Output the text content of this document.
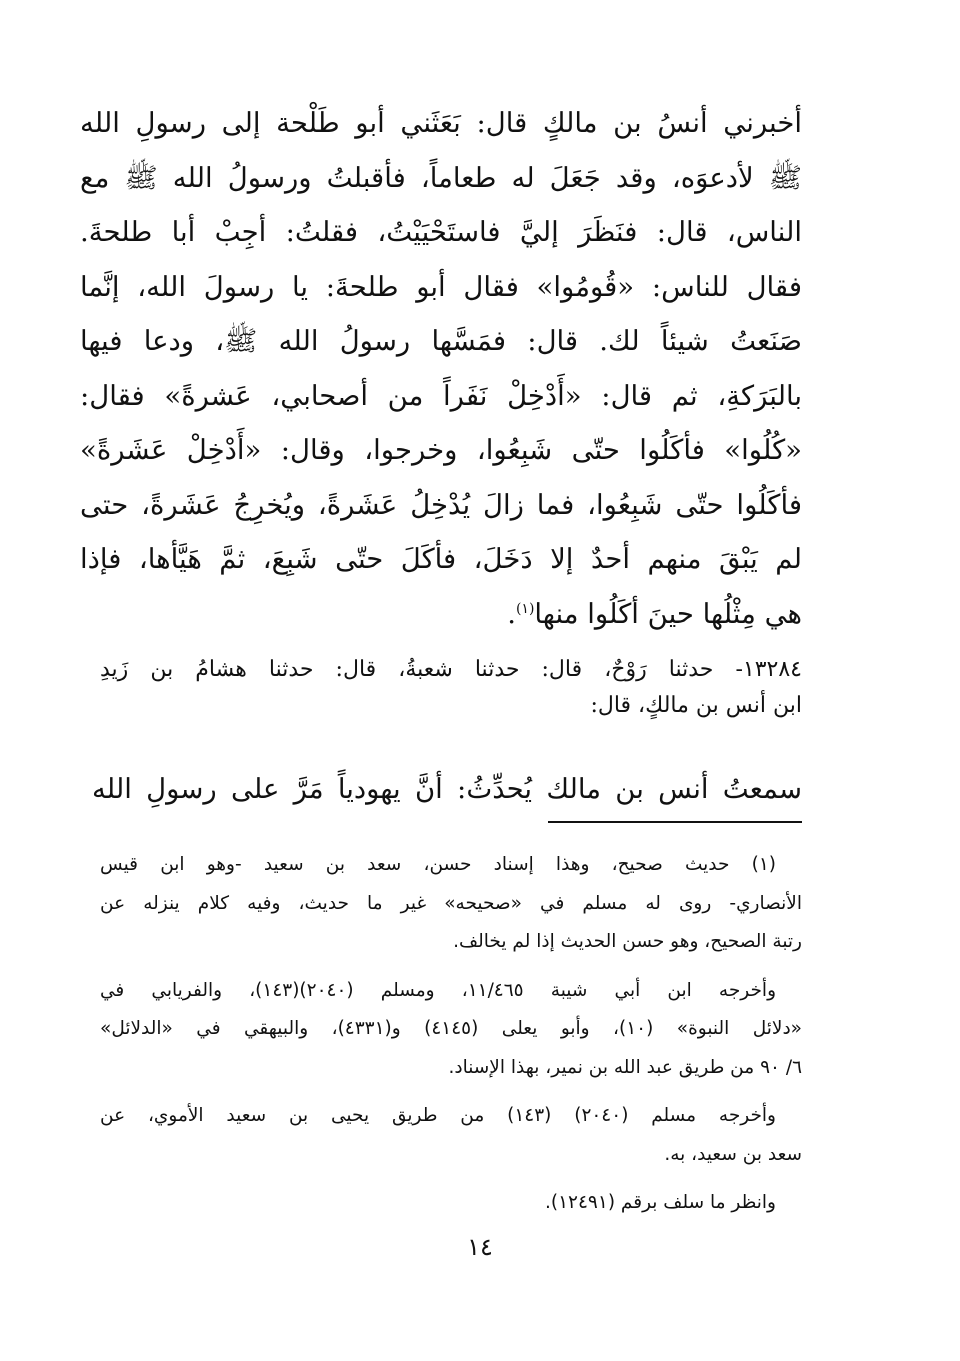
أخبرني أنسُ بن مالكٍ قال: بَعَثَني أبو طَلْحة إلى رسولِ الله
ﷺ لأدعوَه، وقد جَعَلَ له طعاماً، فأقبلتُ ورسولُ الله ﷺ مع
الناس، قال: فنَظَرَ إليَّ فاستَحْيَيْتُ، فقلتُ: أجِبْ أبا طلحةَ.
فقال للناس: «قُومُوا» فقال أبو طلحةَ: يا رسولَ الله، إنَّما
صَنَعتُ شيئاً لك. قال: فمَسَّها رسولُ الله ﷺ، ودعا فيها
بالبَرَكةِ، ثم قال: «أَدْخِلْ نَفَراً من أصحابي، عَشرةً» فقال:
«كُلُوا» فأكَلُوا حتّى شَبِعُوا، وخرجوا، وقال: «أَدْخِلْ عَشَرةً»
فأكَلُوا حتّى شَبِعُوا، فما زالَ يُدْخِلُ عَشَرةً، ويُخرِجُ عَشَرةً، حتى
لم يَبْقَ منهم أحدٌ إلا دَخَلَ، فأكَلَ حتّى شَبِعَ، ثمَّ هَيَّأها، فإذا
هي مِثْلُها حينَ أكَلُوا منها$^{(١)}$.
١٣٢٨٤- حدثنا رَوْحٌ، قال: حدثنا شعبةُ، قال: حدثنا هشامُ بن زَيدِ
ابن أنس بن مالكٍ، قال:
سمعتُ أنس بن مالك يُحدِّثُ: أنَّ يهودياً مَرَّ على رسولِ الله
(١) حديث صحيح، وهذا إسناد حسن، سعد بن سعيد -وهو ابن قيس
الأنصاري- روى له مسلم في «صحيحه» غير ما حديث، وفيه كلام ينزله عن
رتبة الصحيح، وهو حسن الحديث إذا لم يخالف.
وأخرجه ابن أبي شيبة ١١/٤٦٥، ومسلم (٢٠٤٠)(١٤٣)، والفريابي في
«دلائل النبوة» (١٠)، وأبو يعلى (٤١٤٥) و(٤٣٣١)، والبيهقي في «الدلائل»
٦/ ٩٠ من طريق عبد الله بن نمير، بهذا الإسناد.
وأخرجه مسلم (٢٠٤٠) (١٤٣) من طريق يحيى بن سعيد الأموي، عن
سعد بن سعيد، به.
وانظر ما سلف برقم (١٢٤٩١).
١٤
